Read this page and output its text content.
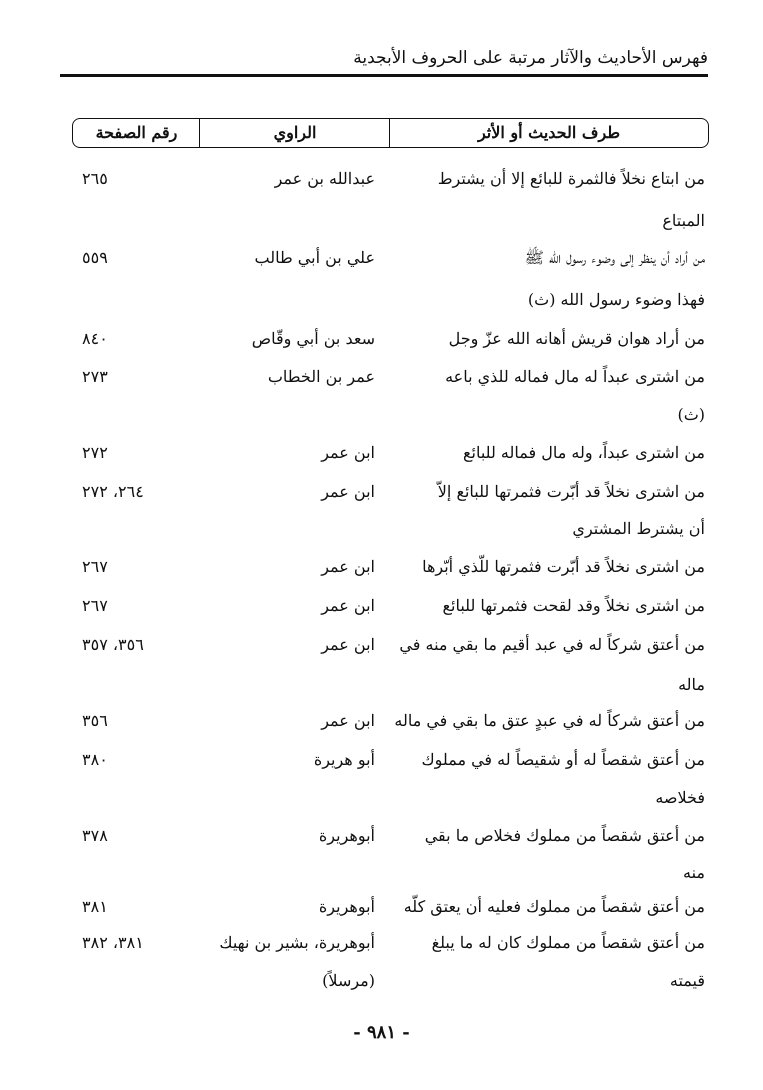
فهرس الأحاديث والآثار مرتبة على الحروف الأبجدية
طرف الحديث أو الأثر
الراوي
رقم الصفحة
من ابتاع نخلاً فالثمرة للبائع إلا أن يشترط
عبدالله بن عمر
٢٦٥
المبتاع
من أراد أن ينظر إلى وضوء رسول الله ﷺ
علي بن أبي طالب
٥٥٩
فهذا وضوء رسول الله (ث)
من أراد هوان قريش أهانه الله عزّ وجل
سعد بن أبي وقّاص
٨٤٠
من اشترى عبداً له مال فماله للذي باعه
عمر بن الخطاب
٢٧٣
(ث)
من اشترى عبداً، وله مال فماله للبائع
ابن عمر
٢٧٢
من اشترى نخلاً قد أبّرت فثمرتها للبائع إلاّ
ابن عمر
٢٦٤، ٢٧٢
أن يشترط المشتري
من اشترى نخلاً قد أبّرت فثمرتها للّذي أبّرها
ابن عمر
٢٦٧
من اشترى نخلاً وقد لقحت فثمرتها للبائع
ابن عمر
٢٦٧
من أعتق شركاً له في عبد أقيم ما بقي منه في
ابن عمر
٣٥٦، ٣٥٧
ماله
من أعتق شركاً له في عبدٍ عتق ما بقي في ماله
ابن عمر
٣٥٦
من أعتق شقصاً له أو شقيصاً له في مملوك
أبو هريرة
٣٨٠
فخلاصه
من أعتق شقصاً من مملوك فخلاص ما بقي
أبوهريرة
٣٧٨
منه
من أعتق شقصاً من مملوك فعليه أن يعتق كلّه
أبوهريرة
٣٨١
من أعتق شقصاً من مملوك كان له ما يبلغ
أبوهريرة، بشير بن نهيك
٣٨١، ٣٨٢
قيمته
(مرسلاً)
- ٩٨١ -
